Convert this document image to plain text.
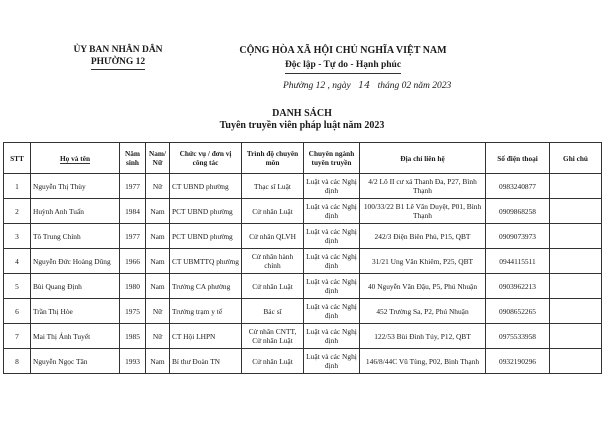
ỦY BAN NHÂN DÂN
PHƯỜNG 12
CỘNG HÒA XÃ HỘI CHỦ NGHĨA VIỆT NAM
Độc lập - Tự do - Hạnh phúc
Phường 12 , ngày 14 tháng 02 năm 2023
DANH SÁCH
Tuyên truyền viên pháp luật năm 2023
STT	Họ và tên	Năm sinh	Nam/ Nữ	Chức vụ / đơn vị công tác	Trình độ chuyên môn	Chuyên ngành tuyên truyền	Địa chỉ liên hệ	Số điện thoại	Ghi chú
1	Nguyễn Thị Thùy	1977	Nữ	CT UBND phường	Thạc sĩ Luật	Luật và các Nghị định	4/2 Lô II cư xá Thanh Đa, P27, Bình Thạnh	0983240877	
2	Huỳnh Anh Tuấn	1984	Nam	PCT UBND phường	Cử nhân Luật	Luật và các Nghị định	100/33/22 B1 Lê Văn Duyệt, P01, Bình Thạnh	0909868258	
3	Tô Trung Chính	1977	Nam	PCT UBND phường	Cử nhân QLVH	Luật và các Nghị định	242/3 Điện Biên Phủ, P15, QBT	0909073973	
4	Nguyễn Đức Hoàng Dũng	1966	Nam	CT UBMTTQ phường	Cử nhân hành chính	Luật và các Nghị định	31/21 Ung Văn Khiêm, P25, QBT	0944115511	
5	Bùi Quang Định	1980	Nam	Trưởng CA phường	Cử nhân Luật	Luật và các Nghị định	40 Nguyễn Văn Đậu, P5, Phú Nhuận	0903962213	
6	Trần Thị Hòe	1975	Nữ	Trưởng trạm y tế	Bác sĩ	Luật và các Nghị định	452 Trường Sa, P2, Phú Nhuận	0908652265	
7	Mai Thị Ánh Tuyết	1985	Nữ	CT Hội LHPN	Cử nhân CNTT, Cử nhân Luật	Luật và các Nghị định	122/53 Bùi Đình Túy, P12, QBT	0975533958	
8	Nguyễn Ngọc Tân	1993	Nam	Bí thư Đoàn TN	Cử nhân Luật	Luật và các Nghị định	146/8/44C Vũ Tùng, P02, Bình Thạnh	0932190296	
